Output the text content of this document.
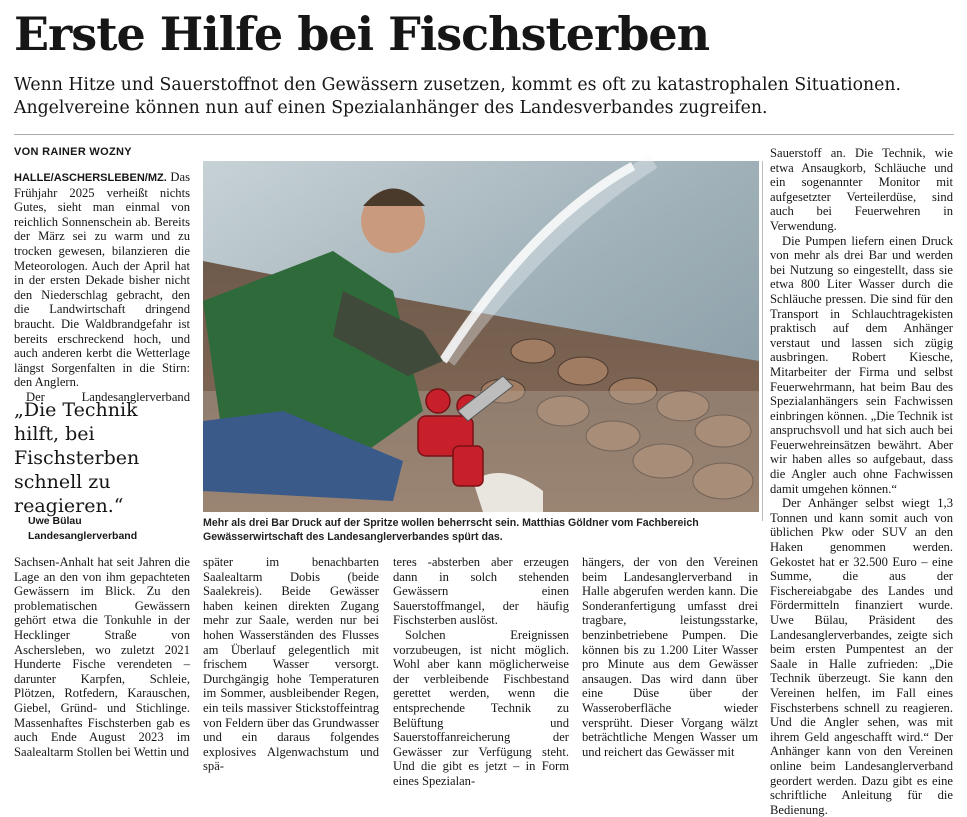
Erste Hilfe bei Fischsterben
Wenn Hitze und Sauerstoffnot den Gewässern zusetzen, kommt es oft zu katastrophalen Situationen. Angelvereine können nun auf einen Spezialanhänger des Landesverbandes zugreifen.
VON RAINER WOZNY

HALLE/ASCHERSLEBEN/MZ. Das Frühjahr 2025 verheißt nichts Gutes, sieht man einmal von reichlich Sonnenschein ab. Bereits der März sei zu warm und zu trocken gewesen, bilanzieren die Meteorologen. Auch der April hat in der ersten Dekade bisher nicht den Niederschlag gebracht, den die Landwirtschaft dringend braucht. Die Waldbrandgefahr ist bereits erschreckend hoch, und auch anderen kerbt die Wetterlage längst Sorgenfalten in die Stirn: den Anglern.

Der Landesanglerverband

„Die Technik hilft, bei Fischsterben schnell zu reagieren.“
Uwe Bülau
Landesanglerverband
Mehr als drei Bar Druck auf der Spritze wollen beherrscht sein. Matthias Göldner vom Fachbereich Gewässerwirtschaft des Landesanglerverbandes spürt das.

Sauerstoff an. Die Technik, wie etwa Ansaugkorb, Schläuche und ein sogenannter Monitor mit aufgesetzter Verteilerdüse, sind auch bei Feuerwehren in Verwendung.

Die Pumpen liefern einen Druck von mehr als drei Bar und werden bei Nutzung so eingestellt, dass sie etwa 800 Liter Wasser durch die Schläuche pressen. Die sind für den Transport in Schlauchtragekisten praktisch auf dem Anhänger verstaut und lassen sich zügig ausbringen. Robert Kiesche, Mitarbeiter der Firma und selbst Feuerwehrmann, hat beim Bau des Spezialanhängers sein Fachwissen einbringen können. „Die Technik ist anspruchsvoll und hat sich auch bei Feuerwehreinsätzen bewährt. Aber wir haben alles so aufgebaut, dass die Angler auch ohne Fachwissen damit umgehen können.“

Der Anhänger selbst wiegt 1,3 Tonnen und kann somit auch von üblichen Pkw oder SUV an den Haken genommen werden. Gekostet hat er 32.500 Euro – eine Summe, die aus der Fischereiabgabe des Landes und Fördermitteln finanziert wurde. Uwe Bülau, Präsident des Landesanglerverbandes, zeigte sich beim ersten Pumpentest an der Saale in Halle zufrieden: „Die Technik überzeugt. Sie kann den Vereinen helfen, im Fall eines Fischsterbens schnell zu reagieren. Und die Angler sehen, was mit ihrem Geld angeschafft wird.“ Der Anhänger kann von den Vereinen online beim Landesanglerverband geordert werden. Dazu gibt es eine schriftliche Anleitung für die Bedienung.

Sachsen-Anhalt hat seit Jahren die Lage an den von ihm gepachteten Gewässern im Blick. Zu den problematischen Gewässern gehört etwa die Tonkuhle in der Hecklinger Straße von Aschersleben, wo zuletzt 2021 Hunderte Fische verendeten – darunter Karpfen, Schleie, Plötzen, Rotfedern, Karauschen, Giebel, Gründ- und Stichlinge. Massenhaftes Fischsterben gab es auch Ende August 2023 im Saalealtarm Stollen bei Wettin und

später im benachbarten Saalealtarm Dobis (beide Saalekreis). Beide Gewässer haben keinen direkten Zugang mehr zur Saale, werden nur bei hohen Wasserständen des Flusses am Überlauf gelegentlich mit frischem Wasser versorgt. Durchgängig hohe Temperaturen im Sommer, ausbleibender Regen, ein teils massiver Stickstoffeintrag von Feldern über das Grundwasser und ein daraus folgendes explosives Algenwachstum und spä-

teres -absterben aber erzeugen dann in solch stehenden Gewässern einen Sauerstoffmangel, der häufig Fischsterben auslöst.

Solchen Ereignissen vorzubeugen, ist nicht möglich. Wohl aber kann möglicherweise der verbleibende Fischbestand gerettet werden, wenn die entsprechende Technik zu Belüftung und Sauerstoffanreicherung der Gewässer zur Verfügung steht. Und die gibt es jetzt – in Form eines Spezialan-

hängers, der von den Vereinen beim Landesanglerverband in Halle abgerufen werden kann. Die Sonderanfertigung umfasst drei tragbare, leistungsstarke, benzinbetriebene Pumpen. Die können bis zu 1.200 Liter Wasser pro Minute aus dem Gewässer ansaugen. Das wird dann über eine Düse über der Wasseroberfläche wieder versprüht. Dieser Vorgang wälzt beträchtliche Mengen Wasser um und reichert das Gewässer mit
